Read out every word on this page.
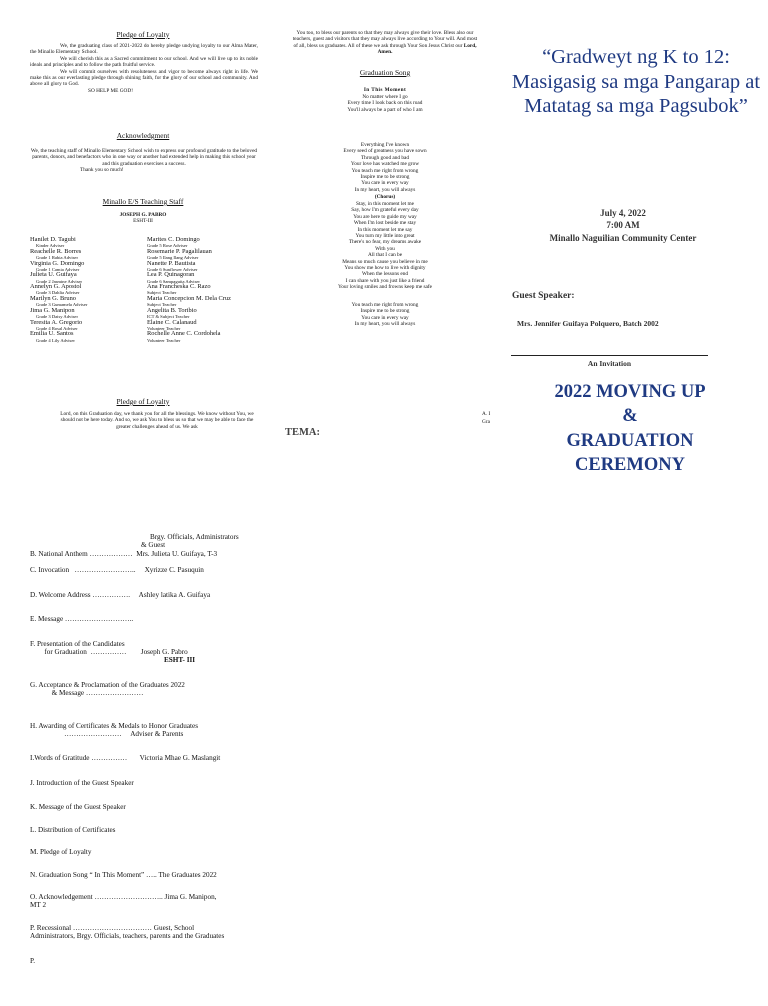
Pledge of Loyalty
We, the graduating class of 2021-2022 do hereby pledge undying loyalty to our Alma Mater, the Minallo Elementary School.
We will cherish this as a Sacred commitment to our school. And we will live up to its noble ideals and principles and to follow the path fruitful service.
We will commit ourselves with resoluteness and vigor to become always right in life. We make this as our everlasting pledge through shining faith, for the glory of our school and community. And above all glory to God.
SO HELP ME GOD!
Acknowledgment
We, the teaching staff of Minallo Elementary School wish to express our profound gratitude to the beloved parents, donors, and benefactors who in one way or another had extended help in making this school year and this graduation exercises a success.
Thank you so much!
Minallo E/S Teaching Staff
JOSEPH G. PABRO
ESHT-III
Hanilet D. Tagubi
Kinder Adviser
Reachelle R. Borres
Grade 1 Rabia Adviser
Virginia G. Domingo
Grade 1 Camia Adviser
Julieta U. Guifaya
Grade 2 Jasmine Adviser
Annelyn G. Apostol
Grade 3 Dahlia Adviser
Marilyn G. Bruno
Grade 3 Gumamela Adviser
Jima G. Manipon
Grade 3 Daisy Adviser
Teresita A. Gregorio
Grade 4 Rosal Adviser
Emilia U. Santos
Grade 4 Lily Adviser
Marites C. Domingo
Grade 5 Rose Adviser
Rosemarie P. Pagalilauan
Grade 5 Ilang Ilang Adviser
Nanette P. Bautista
Grade 6 Sunflower Adviser
Lea P. Quinagoran
Grade 6 Sampaguita Adviser
Ana Francheska C. Razo
Subject Teacher
Maria Concepcion M. Dela Cruz
Subject Teacher
Angelita B. Toribio
ICT & Subject Teacher
Elaine C. Calanaud
Volunteer Teacher
Rochelle Anne C. Cordohela
Volunteer Teacher
Pledge of Loyalty
Lord, on this Graduation day, we thank you for all the blessings. We know without You, we should not be here today. And so, we ask You to bless us so that we may be able to face the greater challenges ahead of us. We ask
You too, to bless our parents so that they may always give their love. Bless also our teachers, guest and visitors that they may always live according to Your will. And most of all, bless us graduates. All of these we ask through Your Son Jesus Christ our Lord, Amen.
Graduation Song
In This Moment
No matter where I go
Every time I look back on this road
You'll always be a part of who I am
Everything I've known
Every seed of greatness you have sown
Through good and bad
Your love has watched me grow
You teach me right from wrong
Inspire me to be strong
You care in every way
In my heart, you will always
(Chorus)
Stay, in this moment let me
Say, how I'm grateful every day
You are here to guide my way
When I'm lost beside me stay
In this moment let me say
You turn my little into great
There's no fear, my dreams awake
With you
All that I can be
Means so much cause you believe in me
You show me how to live with dignity
When the lessons end
I can share with you just like a friend
Your loving smiles and frowns keep me safe
You teach me right from wrong
Inspire me to be strong
You care in every way
In my heart, you will always
TEMA:
A. I
Gra
“Gradweyt ng K to 12: Masigasig sa mga Pangarap at Matatag sa mga Pagsubok”
July 4, 2022
7:00 AM
Minallo Naguilian Community Center
Guest Speaker:
Mrs. Jennifer Guifaya Polquero, Batch 2002
An Invitation
2022 MOVING UP
&
GRADUATION
CEREMONY
Brgy. Officials, Administrators
& Guest
B. National Anthem ………………  Mrs. Julieta U. Guifaya, T-3
C. Invocation   ……………………..     Xyrizze C. Pasuquin
D. Welcome Address …………….     Ashley latika A. Guifaya
E. Message ………………………..
F. Presentation of the Candidates
for Graduation  ……………        Joseph G. Pabro
ESHT- III
G. Acceptance & Proclamation of the Graduates 2022
& Message ……………………
H. Awarding of Certificates & Medals to Honor Graduates
……………………     Adviser & Parents
I.Words of Gratitude ……………       Victoria Mhae G. Maslangit
J. Introduction of the Guest Speaker
K. Message of the Guest Speaker
L. Distribution of Certificates
M. Pledge of Loyalty
N. Graduation Song “ In This Moment” ….. The Graduates 2022
O. Acknowledgement ……………………….. Jima G. Manipon,
MT 2
P. Recessional …………………………… Guest, School
Administrators, Brgy. Officials, teachers, parents and the Graduates
P.
